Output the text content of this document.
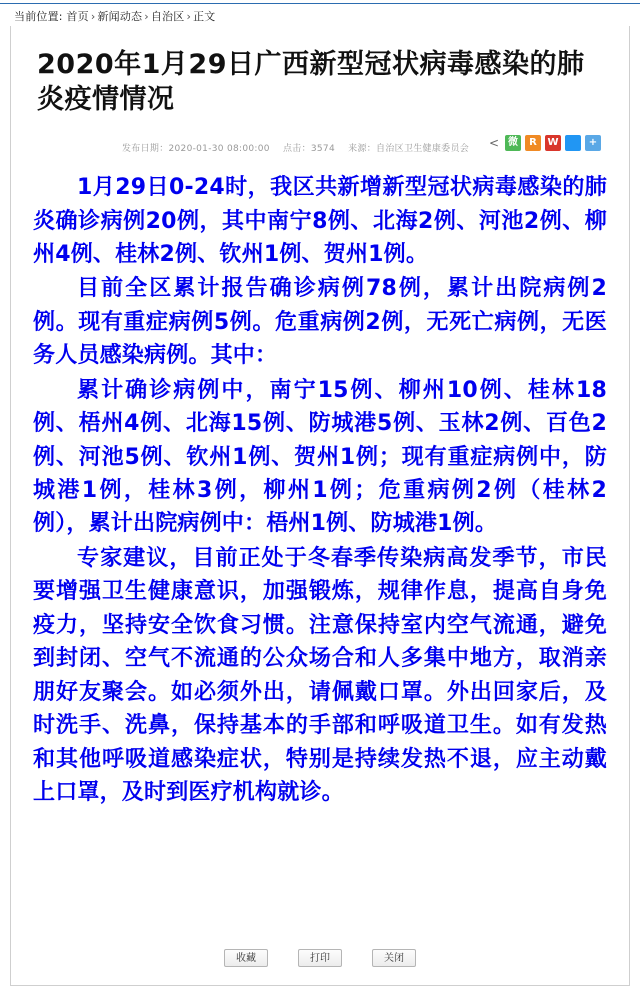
当前位置: 首页 › 新闻动态 › 自治区 › 正文
2020年1月29日广西新型冠状病毒感染的肺炎疫情情况
发布日期：2020-01-30 08:00:00 点击：3574 来源：自治区卫生健康委员会	< 微	R	W	+

1月29日0-24时，我区共新增新型冠状病毒感染的肺炎确诊病例20例，其中南宁8例、北海2例、河池2例、柳州4例、桂林2例、钦州1例、贺州1例。

目前全区累计报告确诊病例78例，累计出院病例2例。现有重症病例5例。危重病例2例，无死亡病例，无医务人员感染病例。其中：

累计确诊病例中，南宁15例、柳州10例、桂林18例、梧州4例、北海15例、防城港5例、玉林2例、百色2例、河池5例、钦州1例、贺州1例；现有重症病例中，防城港1例，桂林3例，柳州1例；危重病例2例（桂林2例），累计出院病例中：梧州1例、防城港1例。

专家建议，目前正处于冬春季传染病高发季节，市民要增强卫生健康意识，加强锻炼，规律作息，提高自身免疫力，坚持安全饮食习惯。注意保持室内空气流通，避免到封闭、空气不流通的公众场合和人多集中地方，取消亲朋好友聚会。如必须外出，请佩戴口罩。外出回家后，及时洗手、洗鼻，保持基本的手部和呼吸道卫生。如有发热和其他呼吸道感染症状，特别是持续发热不退，应主动戴上口罩，及时到医疗机构就诊。

收藏	打印	关闭
